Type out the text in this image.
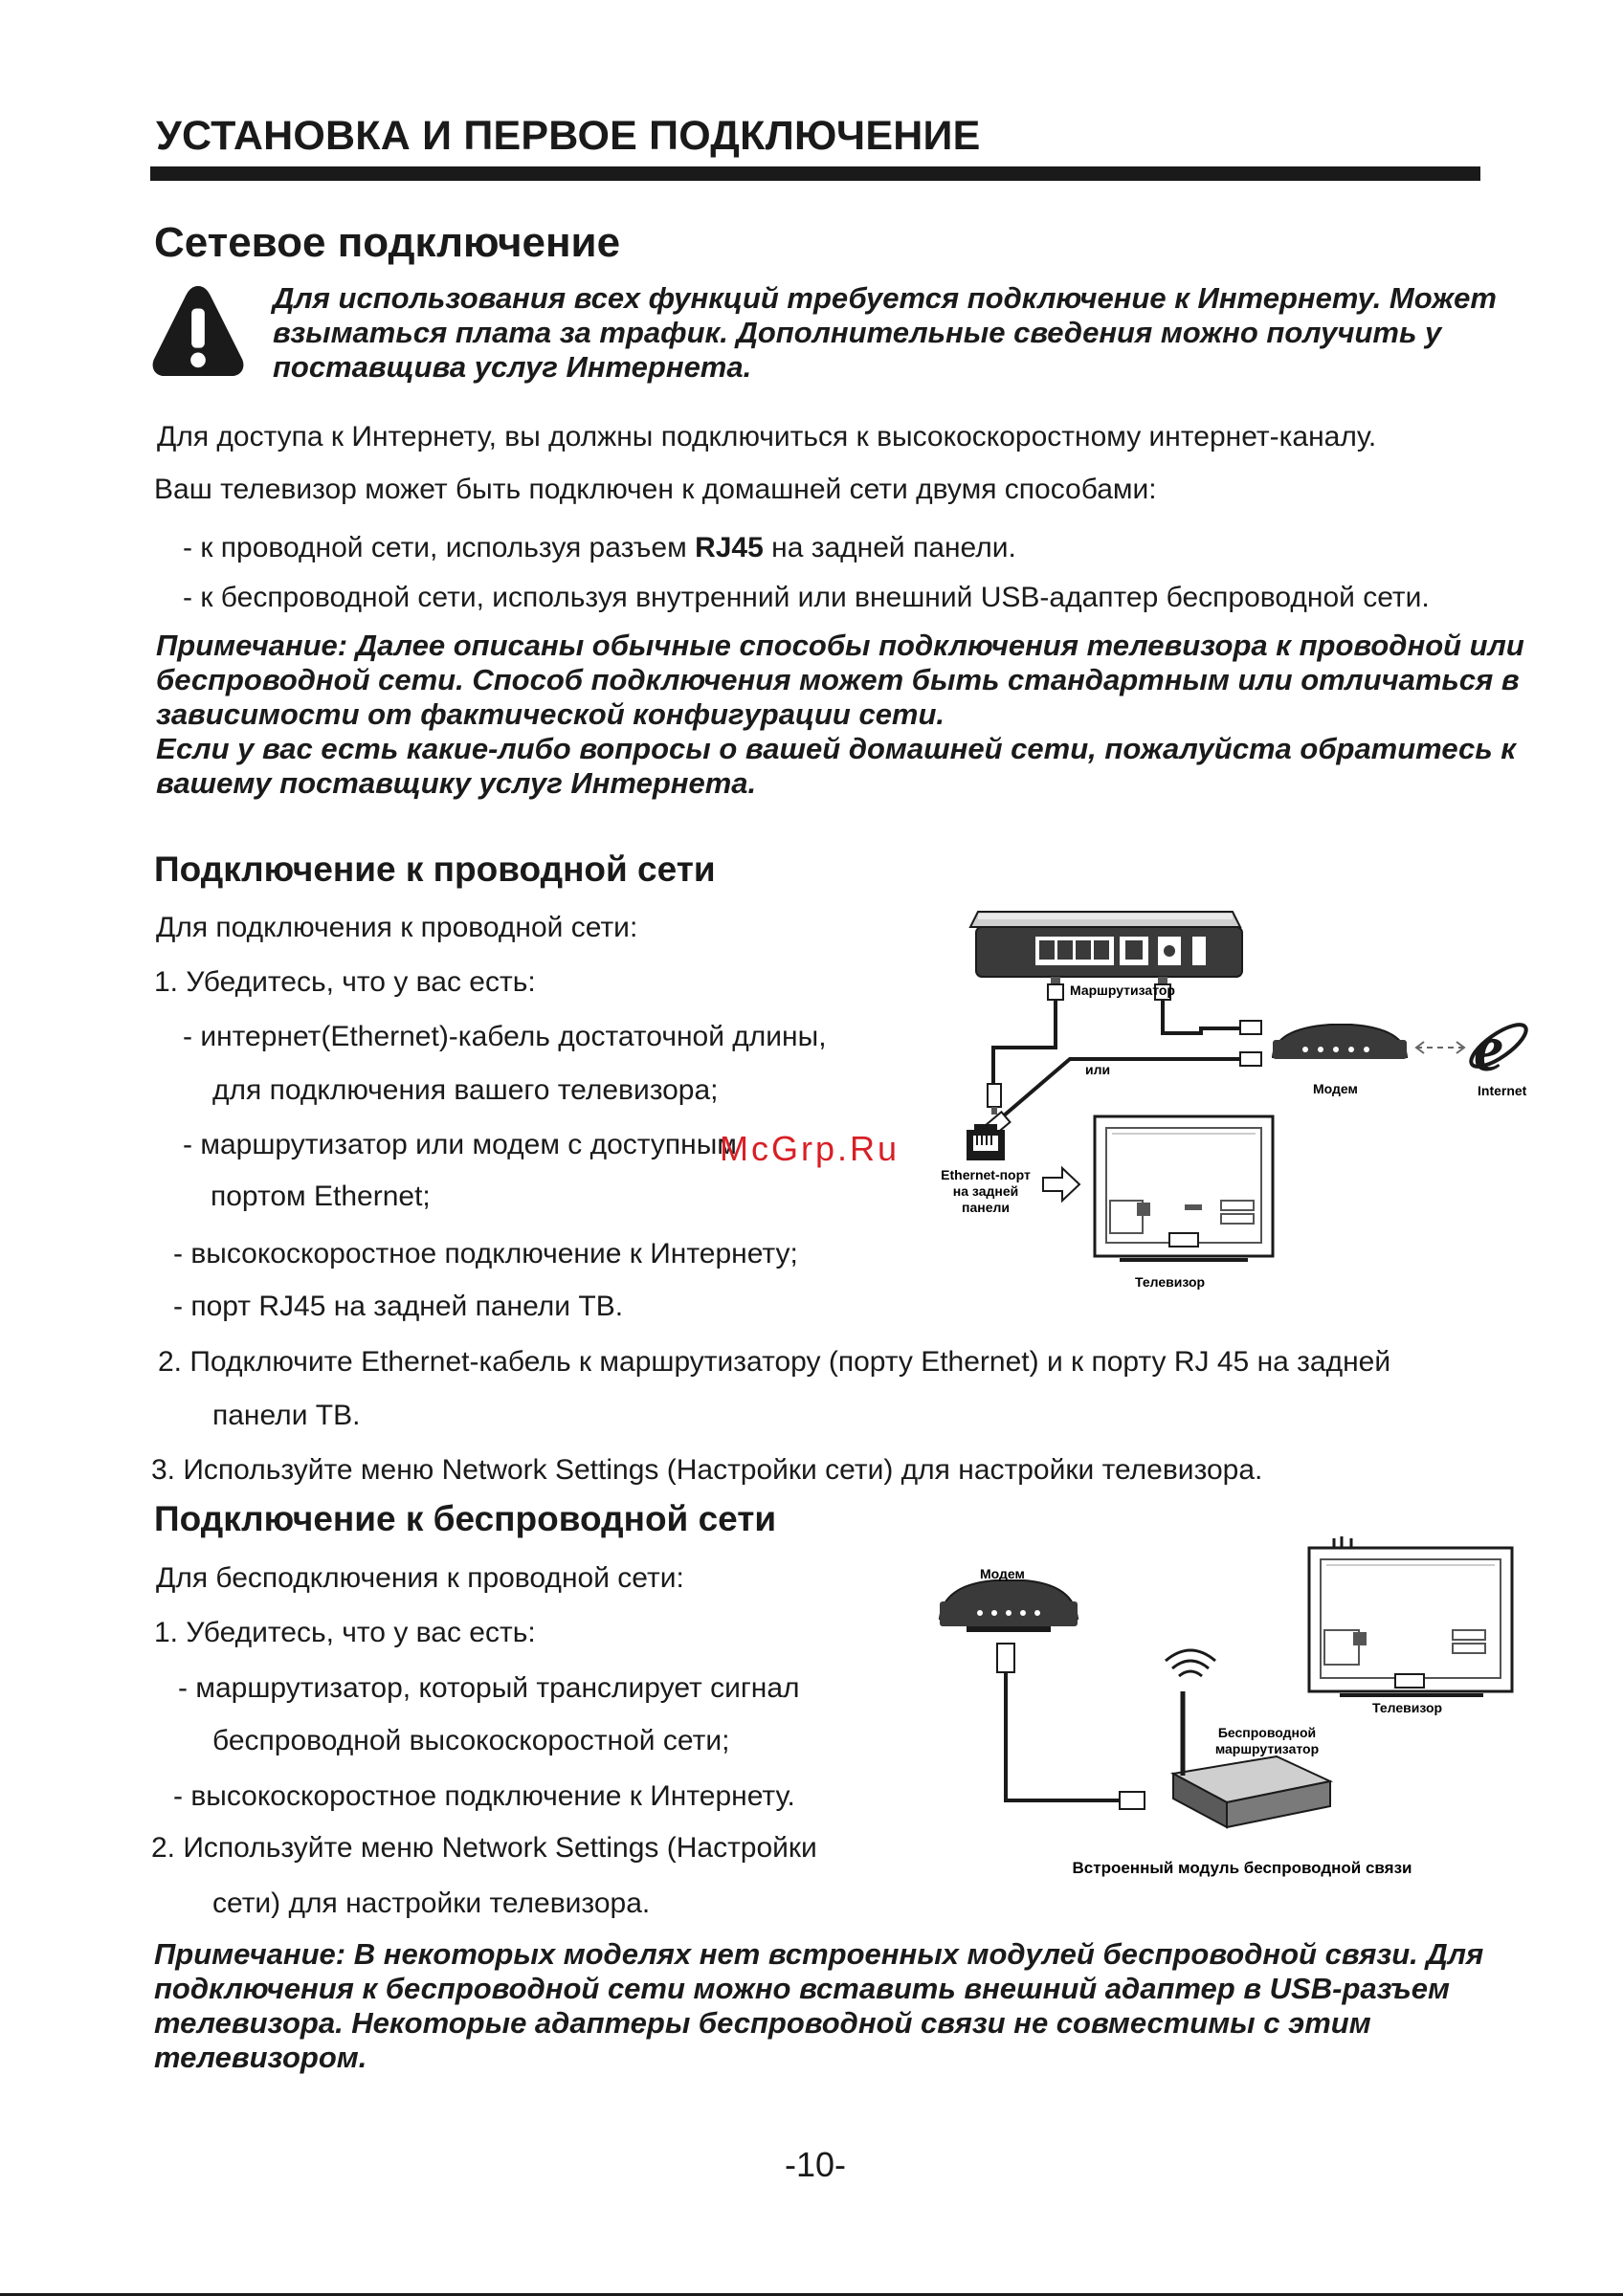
УСТАНОВКА И ПЕРВОЕ ПОДКЛЮЧЕНИЕ
Сетевое подключение
Для использования всех функций требуется подключение к Интернету. Может взыматься плата за трафик. Дополнительные сведения можно получить у поставщива услуг Интернета.
Для доступа к Интернету, вы должны подключиться к высокоскоростному интернет-каналу.
Ваш телевизор может быть подключен к домашней сети двумя способами:
- к проводной сети, используя разъем RJ45 на задней панели.
- к беспроводной сети, используя внутренний или внешний USB-адаптер беспроводной сети.
Примечание: Далее описаны обычные способы подключения телевизора к проводной или беспроводной сети. Способ подключения может быть стандартным или отличаться в зависимости от фактической конфигурации сети.
Если у вас есть какие-либо вопросы о вашей домашней сети, пожалуйста обратитесь к вашему поставщику услуг Интернета.
Подключение к проводной сети
Для подключения к проводной сети:
1. Убедитесь, что у вас есть:
- интернет(Ethernet)-кабель достаточной длины,
для подключения вашего телевизора;
- маршрутизатор или модем с доступным
портом Ethernet;
- высокоскоростное подключение к Интернету;
- порт RJ45 на задней панели ТВ.
2. Подключите Ethernet-кабель к маршрутизатору (порту Ethernet) и к порту RJ 45 на задней
панели ТВ.
3. Используйте меню Network Settings (Настройки сети) для настройки телевизора.
e
Маршрутизатор
или
Модем	Internet
Ethernet-порт
на задней
панели
Телевизор
McGrp.Ru
Подключение к беспроводной сети
Для бесподключения к проводной сети:
1. Убедитесь, что у вас есть:
- маршрутизатор, который транслирует сигнал
беспроводной высокоскоростной сети;
- высокоскоростное подключение к Интернету.
2. Используйте меню Network Settings (Настройки
сети) для настройки телевизора.
Модем
Телевизор
Беспроводной
маршрутизатор
Встроенный модуль беспроводной связи
Примечание: В некоторых моделях нет встроенных модулей беспроводной связи. Для подключения к беспроводной сети можно вставить внешний адаптер в USB-разъем телевизора. Некоторые адаптеры беспроводной связи не совместимы с этим телевизором.
-10-
